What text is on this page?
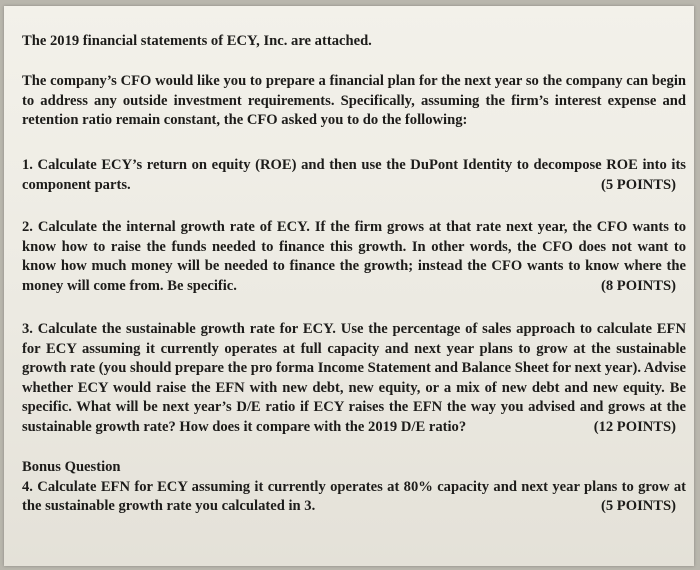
The 2019 financial statements of ECY, Inc. are attached.
The company’s CFO would like you to prepare a financial plan for the next year so the company can begin to address any outside investment requirements. Specifically, assuming the firm’s interest expense and retention ratio remain constant, the CFO asked you to do the following:
1. Calculate ECY’s return on equity (ROE) and then use the DuPont Identity to decompose ROE into its component parts.	(5 POINTS)
2. Calculate the internal growth rate of ECY. If the firm grows at that rate next year, the CFO wants to know how to raise the funds needed to finance this growth. In other words, the CFO does not want to know how much money will be needed to finance the growth; instead the CFO wants to know where the money will come from. Be specific.	(8 POINTS)
3. Calculate the sustainable growth rate for ECY. Use the percentage of sales approach to calculate EFN for ECY assuming it currently operates at full capacity and next year plans to grow at the sustainable growth rate (you should prepare the pro forma Income Statement and Balance Sheet for next year). Advise whether ECY would raise the EFN with new debt, new equity, or a mix of new debt and new equity. Be specific. What will be next year’s D/E ratio if ECY raises the EFN the way you advised and grows at the sustainable growth rate? How does it compare with the 2019 D/E ratio?	(12 POINTS)
Bonus Question
4. Calculate EFN for ECY assuming it currently operates at 80% capacity and next year plans to grow at the sustainable growth rate you calculated in 3.	(5 POINTS)
